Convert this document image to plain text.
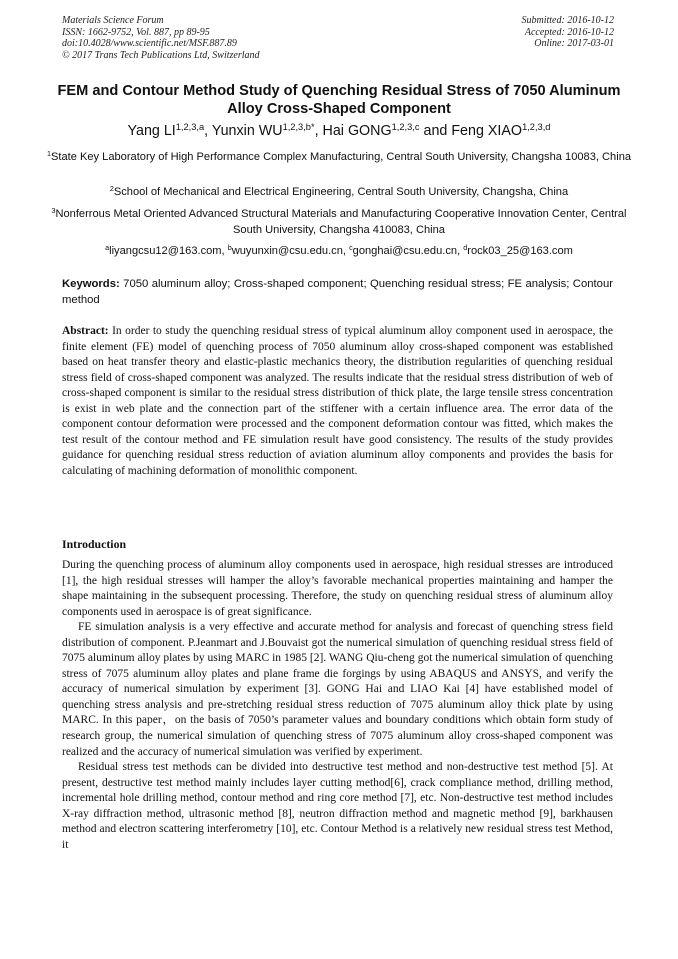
Materials Science Forum
ISSN: 1662-9752, Vol. 887, pp 89-95
doi:10.4028/www.scientific.net/MSF.887.89
© 2017 Trans Tech Publications Ltd, Switzerland
Submitted: 2016-10-12
Accepted: 2016-10-12
Online: 2017-03-01
FEM and Contour Method Study of Quenching Residual Stress of 7050 Aluminum Alloy Cross-Shaped Component
Yang LI$^{1,2,3,a}$, Yunxin $WU^{1,2,3,b*}$, Hai GONG$^{1,2,3,c}$ and Feng XIAO$^{1,2,3,d}$
$^1$State Key Laboratory of High Performance Complex Manufacturing, Central South University, Changsha 10083, China
$^2$School of Mechanical and Electrical Engineering, Central South University, Changsha, China
$^3$Nonferrous Metal Oriented Advanced Structural Materials and Manufacturing Cooperative Innovation Center, Central South University, Changsha 410083, China
$^a$liyangcsu12@163.com, $^b$wuyunxin@csu.edu.cn, $^c$gonghai@csu.edu.cn, $^d$rock03_25@163.com

Keywords: 7050 aluminum alloy; Cross-shaped component; Quenching residual stress; FE analysis; Contour method

Abstract: In order to study the quenching residual stress of typical aluminum alloy component used in aerospace, the finite element (FE) model of quenching process of 7050 aluminum alloy cross-shaped component was established based on heat transfer theory and elastic-plastic mechanics theory, the distribution regularities of quenching residual stress field of cross-shaped component was analyzed. The results indicate that the residual stress distribution of web of cross-shaped component is similar to the residual stress distribution of thick plate, the large tensile stress concentration is exist in web plate and the connection part of the stiffener with a certain influence area. The error data of the component contour deformation were processed and the component deformation contour was fitted, which makes the test result of the contour method and FE simulation result have good consistency. The results of the study provides guidance for quenching residual stress reduction of aviation aluminum alloy components and provides the basis for calculating of machining deformation of monolithic component.

Introduction

During the quenching process of aluminum alloy components used in aerospace, high residual stresses are introduced [1], the high residual stresses will hamper the alloy’s favorable mechanical properties maintaining and hamper the shape maintaining in the subsequent processing. Therefore, the study on quenching residual stress of aluminum alloy components used in aerospace is of great significance.

FE simulation analysis is a very effective and accurate method for analysis and forecast of quenching stress field distribution of component. P.Jeanmart and J.Bouvaist got the numerical simulation of quenching residual stress field of 7075 aluminum alloy plates by using MARC in 1985 [2]. WANG Qiu-cheng got the numerical simulation of quenching stress of 7075 aluminum alloy plates and plane frame die forgings by using ABAQUS and ANSYS, and verify the accuracy of numerical simulation by experiment [3]. GONG Hai and LIAO Kai [4] have established model of quenching stress analysis and pre-stretching residual stress reduction of 7075 aluminum alloy thick plate by using MARC. In this paper，on the basis of 7050’s parameter values and boundary conditions which obtain form study of research group, the numerical simulation of quenching stress of 7075 aluminum alloy cross-shaped component was realized and the accuracy of numerical simulation was verified by experiment.

Residual stress test methods can be divided into destructive test method and non-destructive test method [5]. At present, destructive test method mainly includes layer cutting method[6], crack compliance method, drilling method, incremental hole drilling method, contour method and ring core method [7], etc. Non-destructive test method includes X-ray diffraction method, ultrasonic method [8], neutron diffraction method and magnetic method [9], barkhausen method and electron scattering interferometry [10], etc. Contour Method is a relatively new residual stress test Method, it
